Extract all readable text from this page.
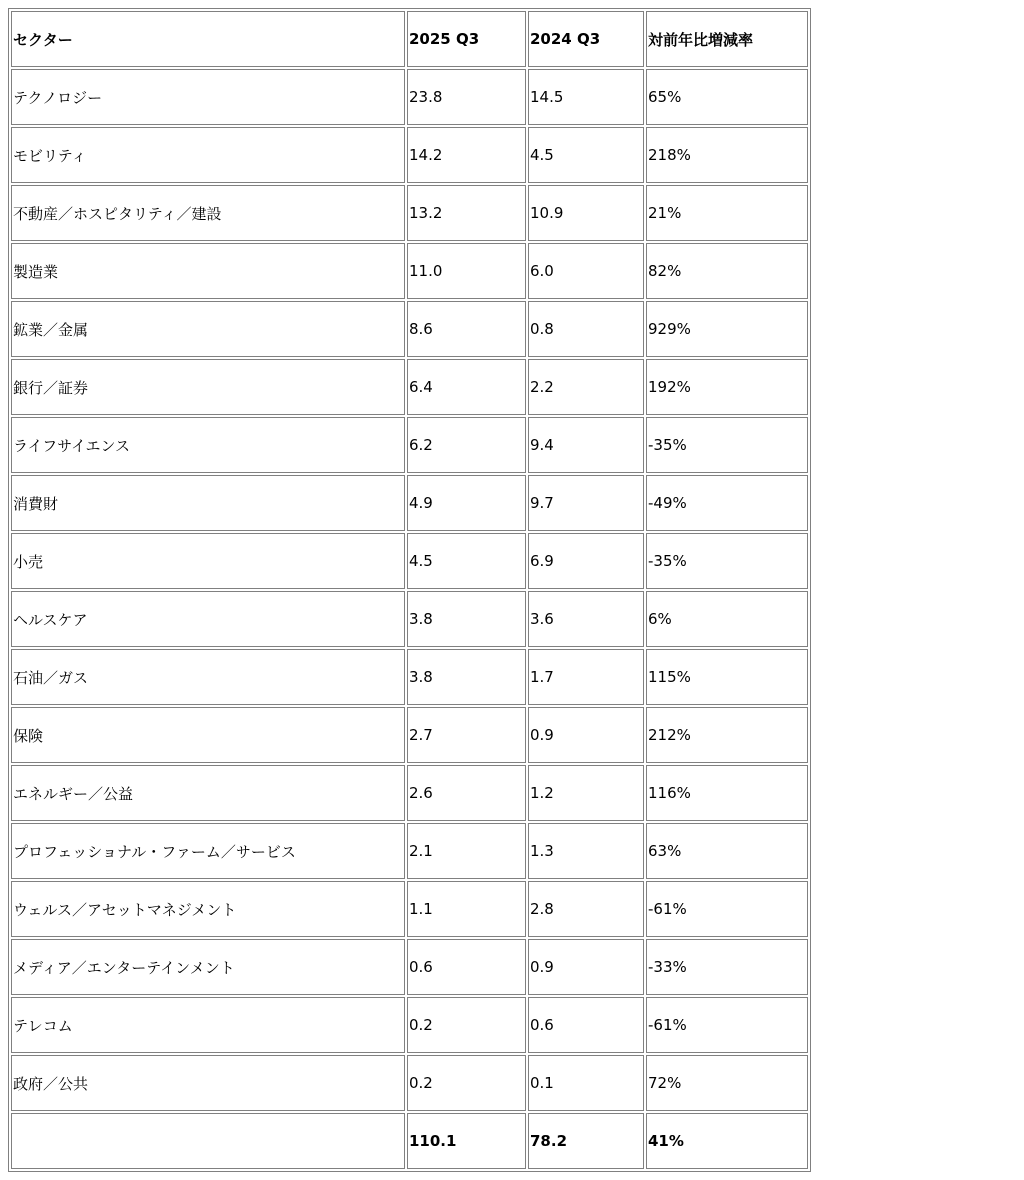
セクター	2025 Q3	2024 Q3	対前年比増減率
テクノロジー	23.8	14.5	65%
モビリティ	14.2	4.5	218%
不動産／ホスピタリティ／建設	13.2	10.9	21%
製造業	11.0	6.0	82%
鉱業／金属	8.6	0.8	929%
銀行／証券	6.4	2.2	192%
ライフサイエンス	6.2	9.4	-35%
消費財	4.9	9.7	-49%
小売	4.5	6.9	-35%
ヘルスケア	3.8	3.6	6%
石油／ガス	3.8	1.7	115%
保険	2.7	0.9	212%
エネルギー／公益	2.6	1.2	116%
プロフェッショナル・ファーム／サービス	2.1	1.3	63%
ウェルス／アセットマネジメント	1.1	2.8	-61%
メディア／エンターテインメント	0.6	0.9	-33%
テレコム	0.2	0.6	-61%
政府／公共	0.2	0.1	72%
	110.1	78.2	41%
